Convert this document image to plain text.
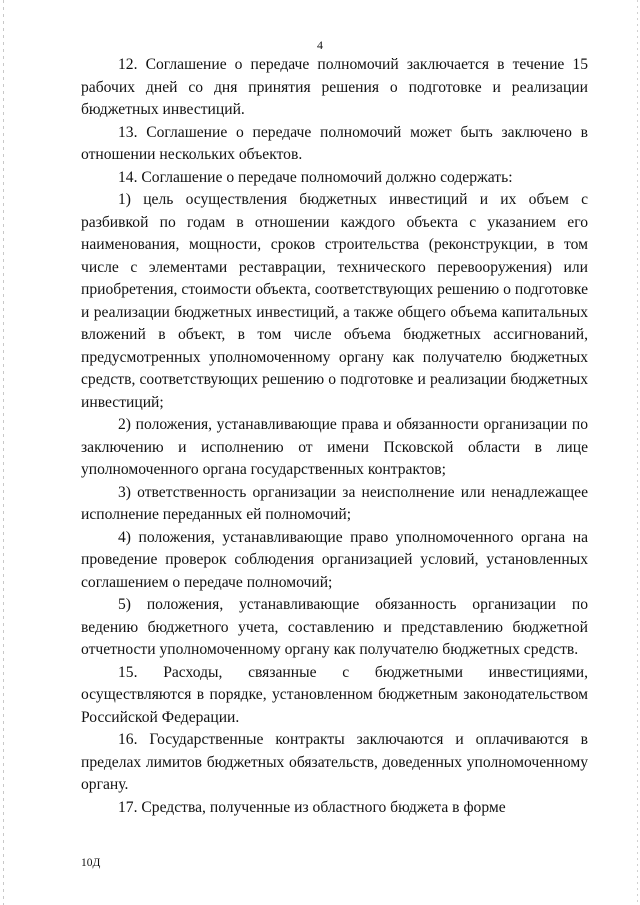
4

12. Соглашение о передаче полномочий заключается в течение 15 рабочих дней со дня принятия решения о подготовке и реализации бюджетных инвестиций.

13. Соглашение о передаче полномочий может быть заключено в отношении нескольких объектов.

14. Соглашение о передаче полномочий должно содержать:

1) цель осуществления бюджетных инвестиций и их объем с разбивкой по годам в отношении каждого объекта с указанием его наименования, мощности, сроков строительства (реконструкции, в том числе с элементами реставрации, технического перевооружения) или приобретения, стоимости объекта, соответствующих решению о подготовке и реализации бюджетных инвестиций, а также общего объема капитальных вложений в объект, в том числе объема бюджетных ассигнований, предусмотренных уполномоченному органу как получателю бюджетных средств, соответствующих решению о подготовке и реализации бюджетных инвестиций;

2) положения, устанавливающие права и обязанности организации по заключению и исполнению от имени Псковской области в лице уполномоченного органа государственных контрактов;

3) ответственность организации за неисполнение или ненадлежащее исполнение переданных ей полномочий;

4) положения, устанавливающие право уполномоченного органа на проведение проверок соблюдения организацией условий, установленных соглашением о передаче полномочий;

5) положения, устанавливающие обязанность организации по ведению бюджетного учета, составлению и представлению бюджетной отчетности уполномоченному органу как получателю бюджетных средств.

15. Расходы, связанные с бюджетными инвестициями, осуществляются в порядке, установленном бюджетным законодательством Российской Федерации.

16. Государственные контракты заключаются и оплачиваются в пределах лимитов бюджетных обязательств, доведенных уполномоченному органу.

17. Средства, полученные из областного бюджета в форме

10Д
